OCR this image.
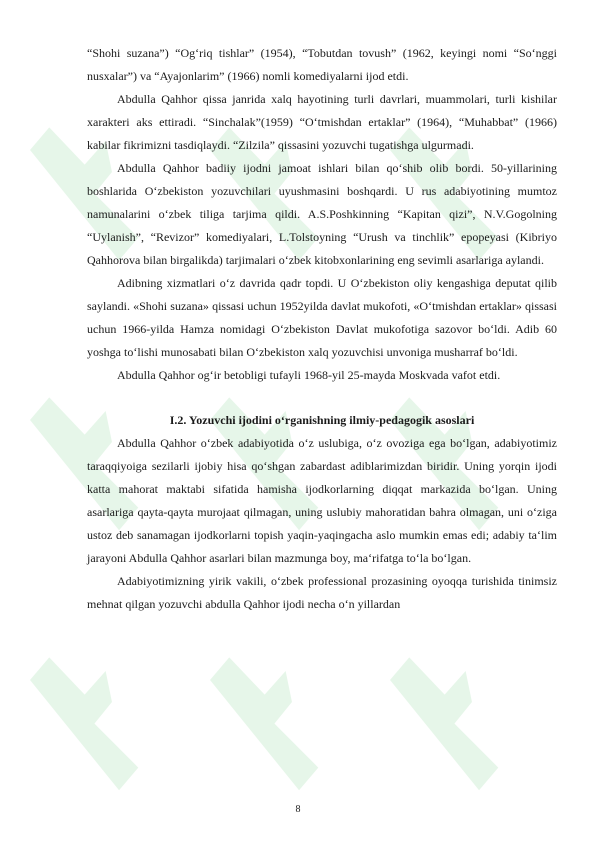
“Shohi suzana”) “Og‘riq tishlar” (1954), “Tobutdan tovush” (1962, keyingi nomi “So‘nggi nusxalar”) va “Ayajonlarim” (1966) nomli komediyalarni ijod etdi.

Abdulla Qahhor qissa janrida xalq hayotining turli davrlari, muammolari, turli kishilar xarakteri aks ettiradi. “Sinchalak”(1959) “O‘tmishdan ertaklar” (1964), “Muhabbat” (1966) kabilar fikrimizni tasdiqlaydi. “Zilzila” qissasini yozuvchi tugatishga ulgurmadi.

Abdulla Qahhor badiiy ijodni jamoat ishlari bilan qo‘shib olib bordi. 50-yillarining boshlarida O‘zbekiston yozuvchilari uyushmasini boshqardi. U rus adabiyotining mumtoz namunalarini o‘zbek tiliga tarjima qildi. A.S.Poshkinning “Kapitan qizi”, N.V.Gogolning “Uylanish”, “Revizor” komediyalari, L.Tolstoyning “Urush va tinchlik” epopeyasi (Kibriyo Qahhorova bilan birgalikda) tarjimalari o‘zbek kitobxonlarining eng sevimli asarlariga aylandi.

Adibning xizmatlari o‘z davrida qadr topdi. U O‘zbekiston oliy kengashiga deputat qilib saylandi. «Shohi suzana» qissasi uchun 1952yilda davlat mukofoti, «O‘tmishdan ertaklar» qissasi uchun 1966-yilda Hamza nomidagi O‘zbekiston Davlat mukofotiga sazovor bo‘ldi. Adib 60 yoshga to‘lishi munosabati bilan O‘zbekiston xalq yozuvchisi unvoniga musharraf bo‘ldi.

Abdulla Qahhor og‘ir betobligi tufayli 1968-yil 25-mayda Moskvada vafot etdi.

I.2. Yozuvchi ijodini o‘rganishning ilmiy-pedagogik asoslari

Abdulla Qahhor o‘zbek adabiyotida o‘z uslubiga, o‘z ovoziga ega bo‘lgan, adabiyotimiz taraqqiyoiga sezilarli ijobiy hisa qo‘shgan zabardast adiblarimizdan biridir. Uning yorqin ijodi katta mahorat maktabi sifatida hamisha ijodkorlarning diqqat markazida bo‘lgan. Uning asarlariga qayta-qayta murojaat qilmagan, uning uslubiy mahoratidan bahra olmagan, uni o‘ziga ustoz deb sanamagan ijodkorlarni topish yaqin-yaqingacha aslo mumkin emas edi; adabiy ta‘lim jarayoni Abdulla Qahhor asarlari bilan mazmunga boy, ma‘rifatga to‘la bo‘lgan.

Adabiyotimizning yirik vakili, o‘zbek professional prozasining oyoqqa turishida tinimsiz mehnat qilgan yozuvchi abdulla Qahhor ijodi necha o‘n yillardan

8
